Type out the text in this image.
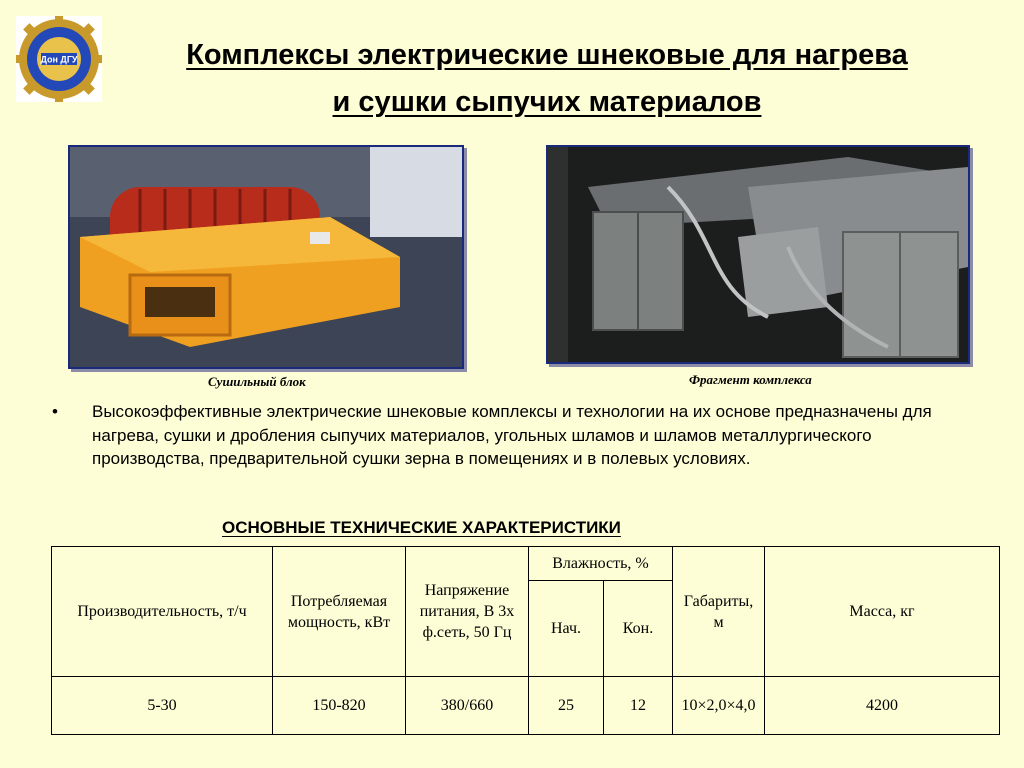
Дон ДГУ	Комплексы электрические шнековые для нагрева
и сушки сыпучих материалов
Сушильный блок	Фрагмент комплекса
•	Высокоэффективные электрические шнековые комплексы и технологии на их основе предназначены для нагрева, сушки и дробления сыпучих материалов, угольных шламов и шламов металлургического производства, предварительной сушки зерна в помещениях и в полевых условиях.
ОСНОВНЫЕ ТЕХНИЧЕСКИЕ ХАРАКТЕРИСТИКИ
Производительность, т/ч	Потребляемая мощность, кВт	Напряжение питания, В 3х ф.сеть, 50 Гц	Влажность, %		Габариты, м	Масса, кг
			Нач.	Кон.		
5-30	150-820	380/660	25	12	10×2,0×4,0	4200
